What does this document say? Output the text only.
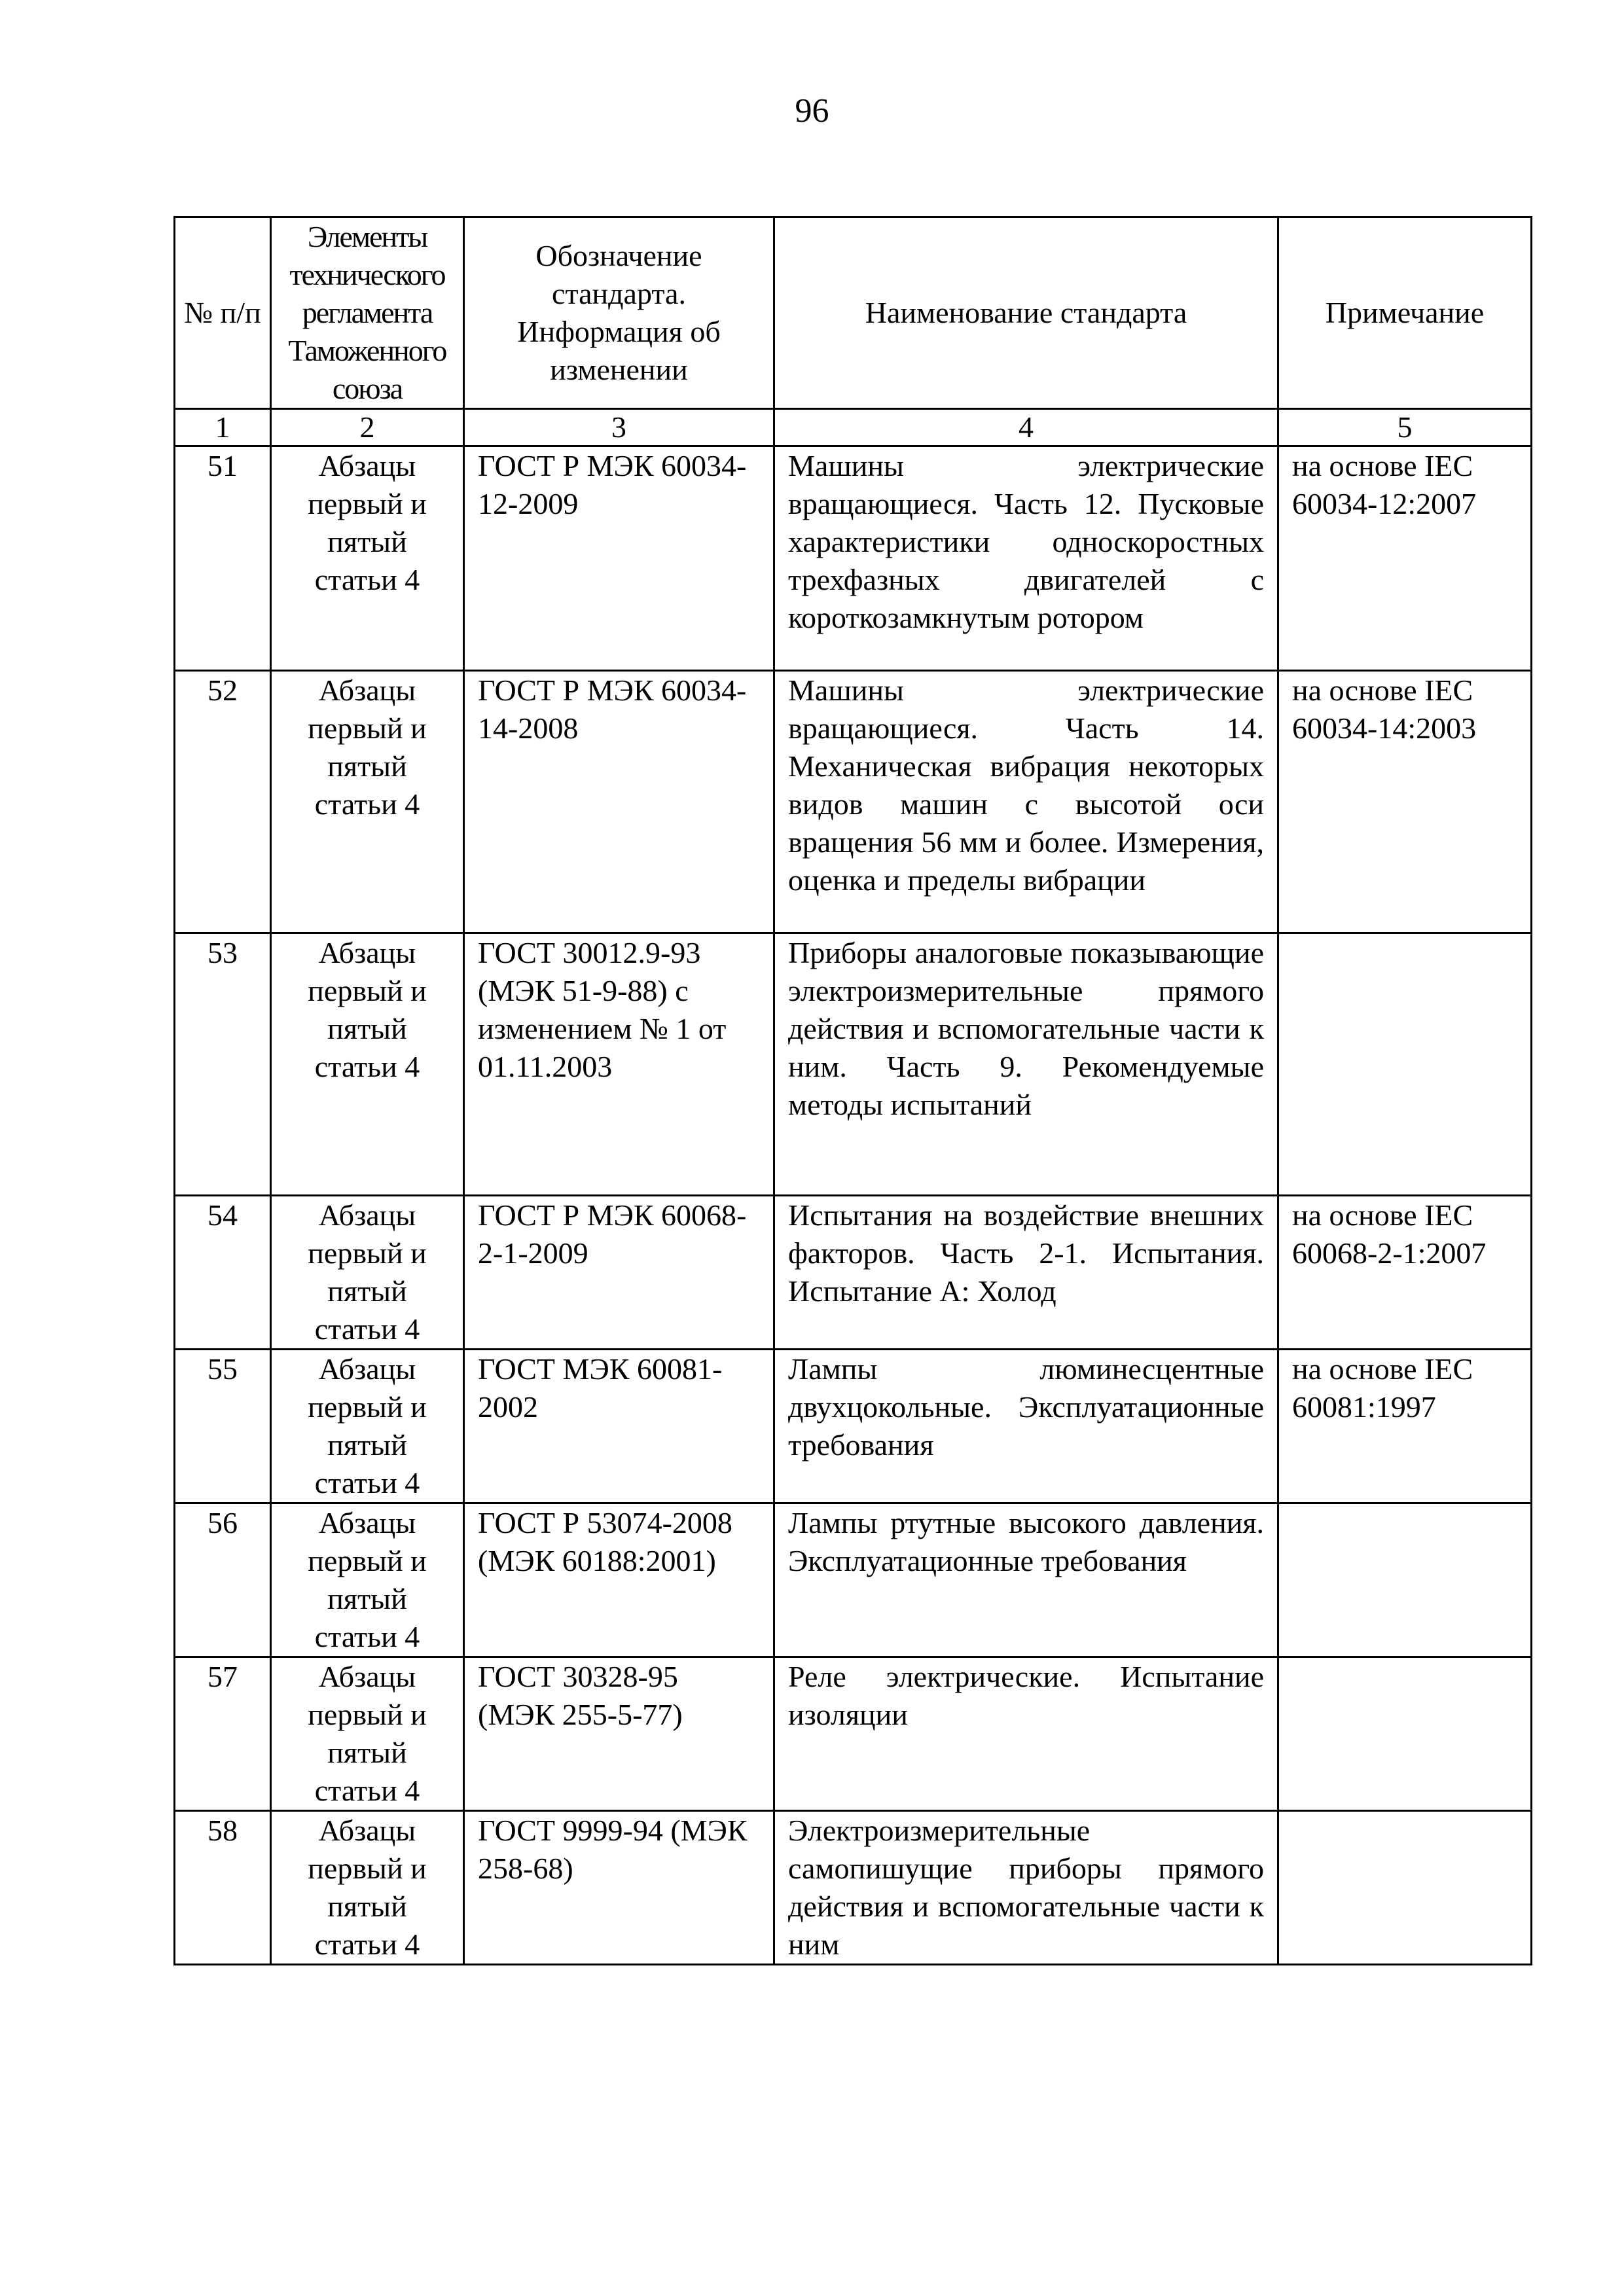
96
№ п/п	Элементы технического регламента Таможенного союза	Обозначение стандарта. Информация об изменении	Наименование стандарта	Примечание
1	2	3	4	5
51	Абзацы первый и пятый статьи 4	ГОСТ Р МЭК 60034-12-2009	Машины электрические вращающиеся. Часть 12. Пусковые характеристики односкоростных трехфазных двигателей с короткозамкнутым ротором	на основе IEC 60034-12:2007
52	Абзацы первый и пятый статьи 4	ГОСТ Р МЭК 60034-14-2008	Машины электрические вращающиеся. Часть 14. Механическая вибрация некоторых видов машин с высотой оси вращения 56 мм и более. Измерения, оценка и пределы вибрации	на основе IEC 60034-14:2003
53	Абзацы первый и пятый статьи 4	ГОСТ 30012.9-93 (МЭК 51-9-88) с изменением № 1 от 01.11.2003	Приборы аналоговые показывающие электроизмерительные прямого действия и вспомогательные части к ним. Часть 9. Рекомендуемые методы испытаний	
54	Абзацы первый и пятый статьи 4	ГОСТ Р МЭК 60068-2-1-2009	Испытания на воздействие внешних факторов. Часть 2-1. Испытания. Испытание А: Холод	на основе IEC 60068-2-1:2007
55	Абзацы первый и пятый статьи 4	ГОСТ МЭК 60081-2002	Лампы люминесцентные двухцокольные. Эксплуатационные требования	на основе IEC 60081:1997
56	Абзацы первый и пятый статьи 4	ГОСТ Р 53074-2008 (МЭК 60188:2001)	Лампы ртутные высокого давления. Эксплуатационные требования	
57	Абзацы первый и пятый статьи 4	ГОСТ 30328-95 (МЭК 255-5-77)	Реле электрические. Испытание изоляции	
58	Абзацы первый и пятый статьи 4	ГОСТ 9999-94 (МЭК 258-68)	Электроизмерительные самопишущие приборы прямого действия и вспомогательные части к ним	
